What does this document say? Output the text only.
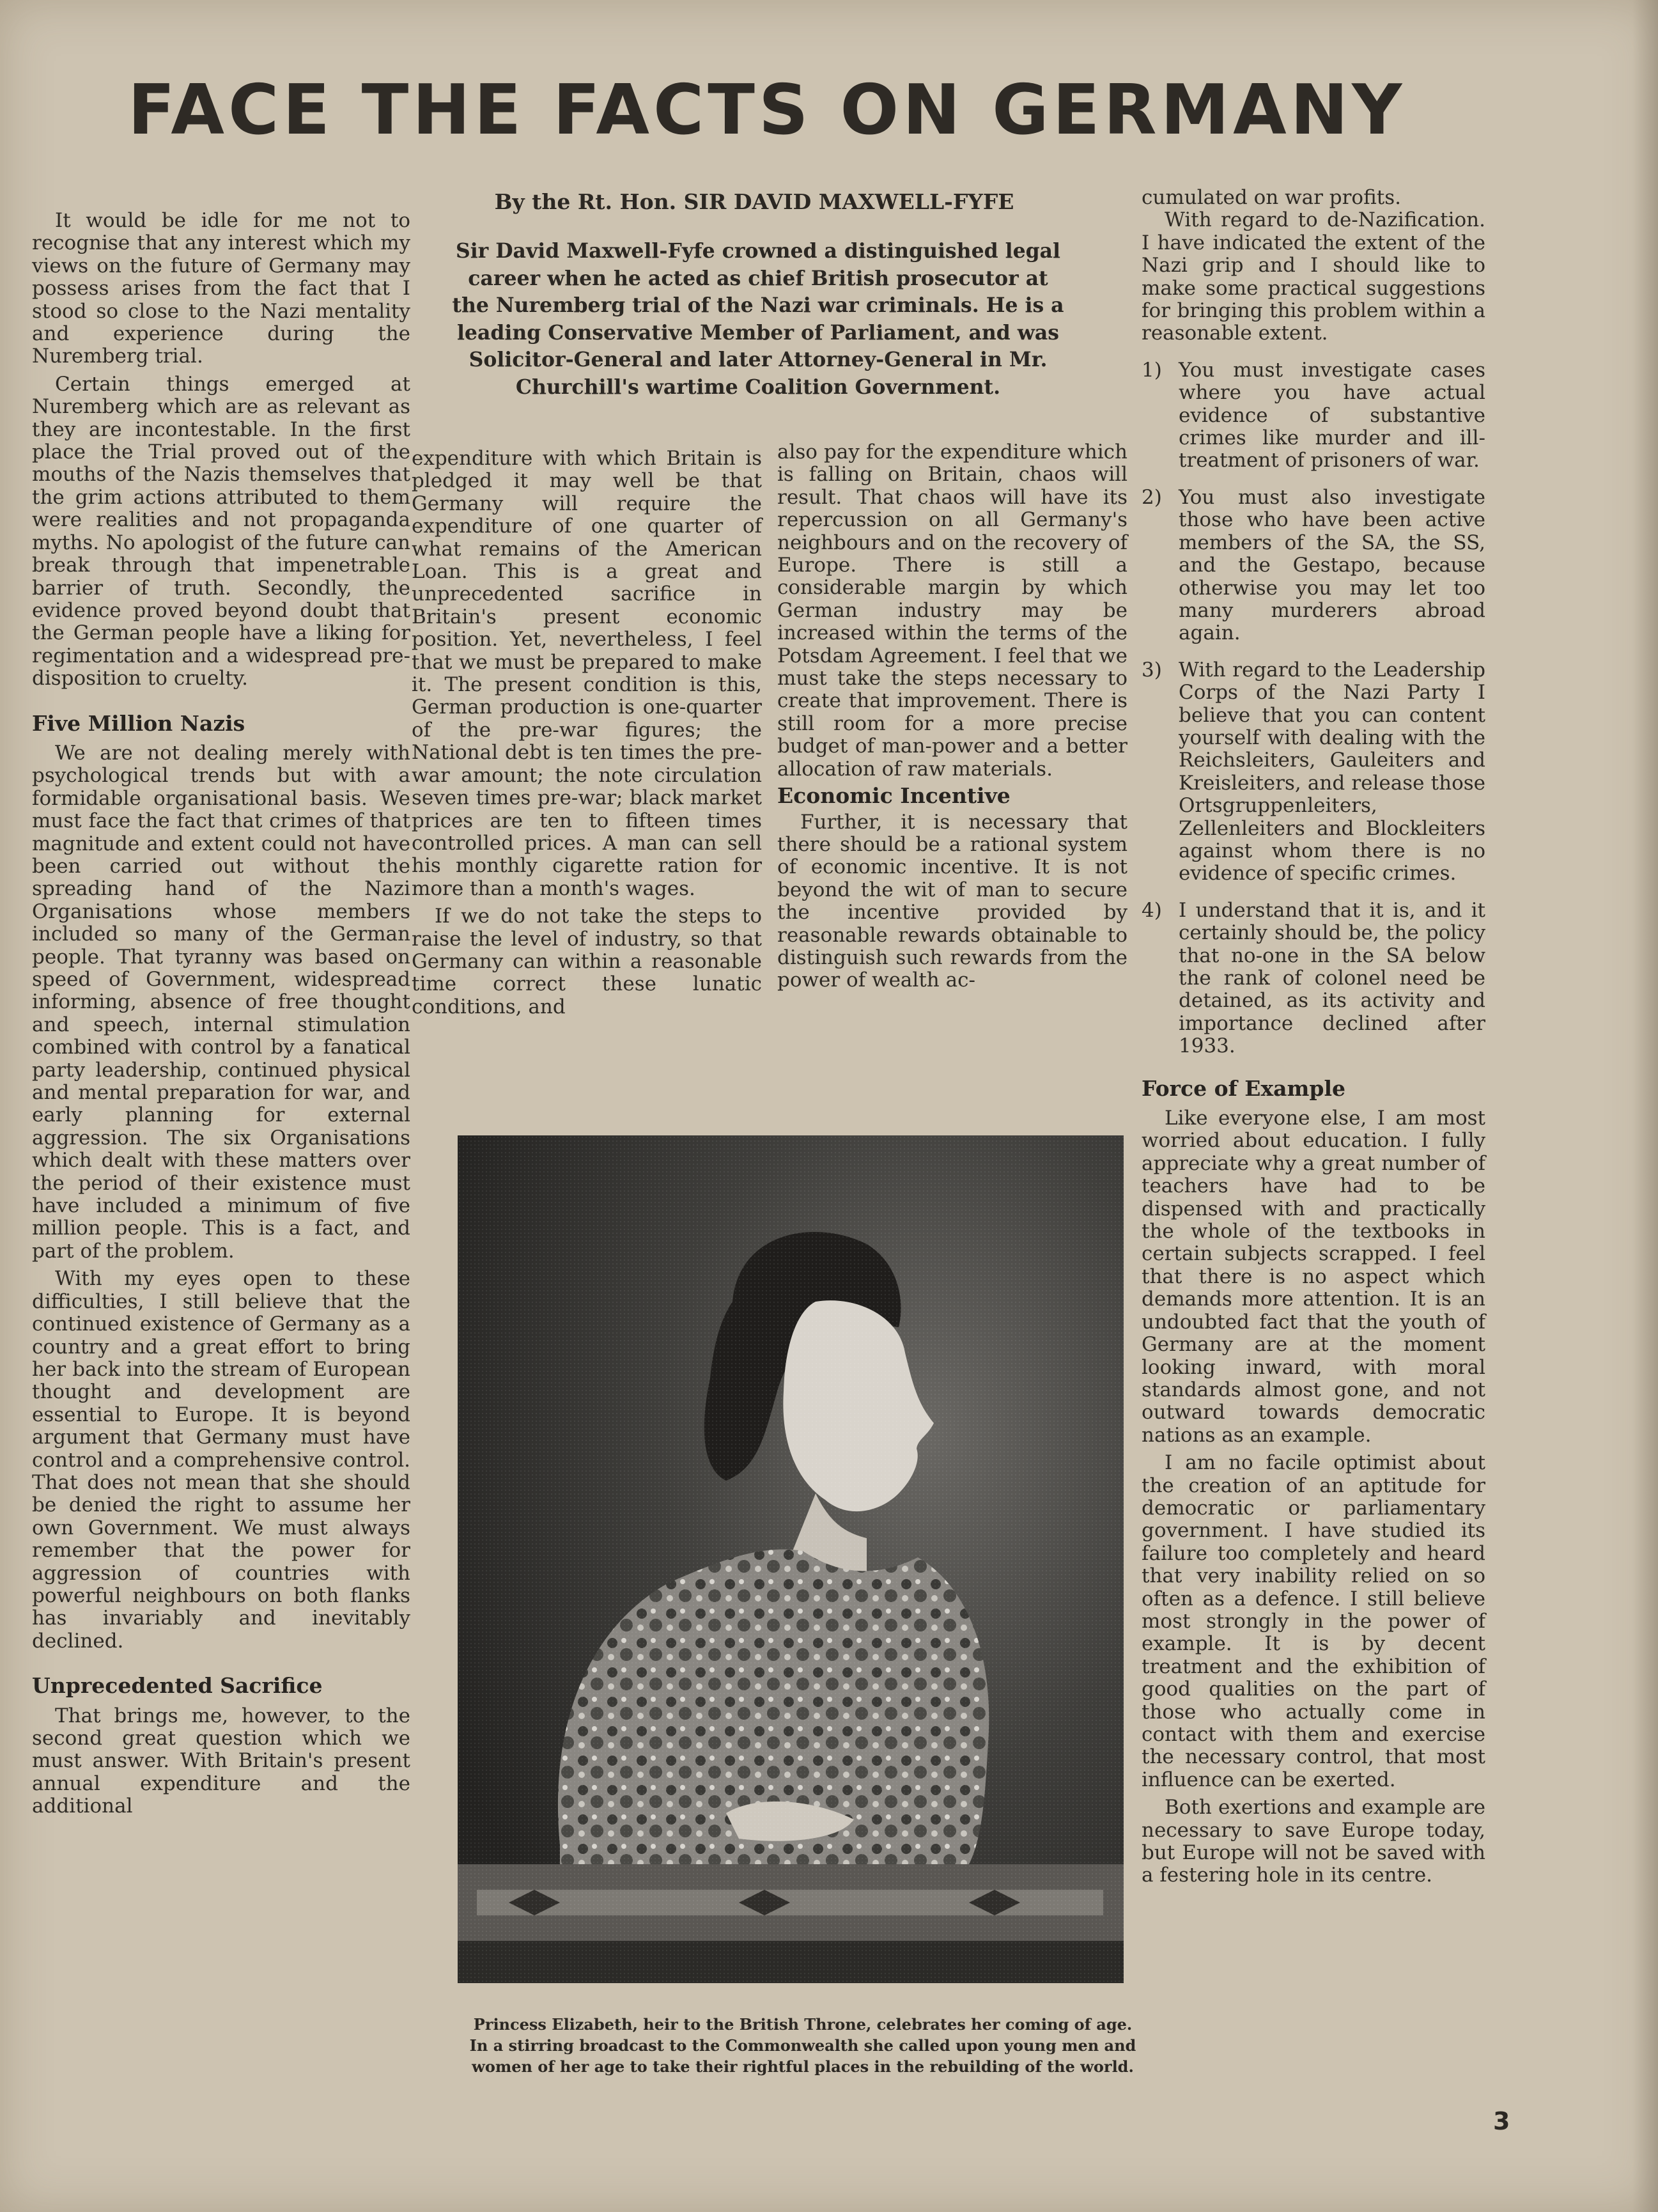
FACE THE FACTS ON GERMANY
By the Rt. Hon. SIR DAVID MAXWELL-FYFE
Sir David Maxwell-Fyfe crowned a distinguished legal career when he acted as chief British prosecutor at the Nuremberg trial of the Nazi war criminals. He is a leading Conservative Member of Parliament, and was Solicitor-General and later Attorney-General in Mr. Churchill's wartime Coalition Government.

It would be idle for me not to recognise that any interest which my views on the future of Germany may possess arises from the fact that I stood so close to the Nazi mentality and experience during the Nuremberg trial.

Certain things emerged at Nuremberg which are as relevant as they are incontestable. In the first place the Trial proved out of the mouths of the Nazis themselves that the grim actions attributed to them were realities and not propaganda myths. No apologist of the future can break through that impenetrable barrier of truth. Secondly, the evidence proved beyond doubt that the German people have a liking for regimentation and a widespread pre-disposition to cruelty.

Five Million Nazis

We are not dealing merely with psychological trends but with a formidable organisational basis. We must face the fact that crimes of that magnitude and extent could not have been carried out without the spreading hand of the Nazi Organisations whose members included so many of the German people. That tyranny was based on speed of Government, widespread informing, absence of free thought and speech, internal stimulation combined with control by a fanatical party leadership, continued physical and mental preparation for war, and early planning for external aggression. The six Organisations which dealt with these matters over the period of their existence must have included a minimum of five million people. This is a fact, and part of the problem.

With my eyes open to these difficulties, I still believe that the continued existence of Germany as a country and a great effort to bring her back into the stream of European thought and development are essential to Europe. It is beyond argument that Germany must have control and a comprehensive control. That does not mean that she should be denied the right to assume her own Government. We must always remember that the power for aggression of countries with powerful neighbours on both flanks has invariably and inevitably declined.

Unprecedented Sacrifice

That brings me, however, to the second great question which we must answer. With Britain's present annual expenditure and the additional

expenditure with which Britain is pledged it may well be that Germany will require the expenditure of one quarter of what remains of the American Loan. This is a great and unprecedented sacrifice in Britain's present economic position. Yet, nevertheless, I feel that we must be prepared to make it. The present condition is this, German production is one-quarter of the pre-war figures; the National debt is ten times the pre-war amount; the note circulation seven times pre-war; black market prices are ten to fifteen times controlled prices. A man can sell his monthly cigarette ration for more than a month's wages.

If we do not take the steps to raise the level of industry, so that Germany can within a reasonable time correct these lunatic conditions, and

also pay for the expenditure which is falling on Britain, chaos will result. That chaos will have its repercussion on all Germany's neighbours and on the recovery of Europe. There is still a considerable margin by which German industry may be increased within the terms of the Potsdam Agreement. I feel that we must take the steps necessary to create that improvement. There is still room for a more precise budget of man-power and a better allocation of raw materials.

Economic Incentive

Further, it is necessary that there should be a rational system of economic incentive. It is not beyond the wit of man to secure the incentive provided by reasonable rewards obtainable to distinguish such rewards from the power of wealth ac-

cumulated on war profits.

With regard to de-Nazification. I have indicated the extent of the Nazi grip and I should like to make some practical suggestions for bringing this problem within a reasonable extent.

1) You must investigate cases where you have actual evidence of substantive crimes like murder and ill-treatment of prisoners of war.
2) You must also investigate those who have been active members of the SA, the SS, and the Gestapo, because otherwise you may let too many murderers abroad again.
3) With regard to the Leadership Corps of the Nazi Party I believe that you can content yourself with dealing with the Reichsleiters, Gauleiters and Kreisleiters, and release those Ortsgruppenleiters, Zellenleiters and Blockleiters against whom there is no evidence of specific crimes.
4) I understand that it is, and it certainly should be, the policy that no-one in the SA below the rank of colonel need be detained, as its activity and importance declined after 1933.
Force of Example

Like everyone else, I am most worried about education. I fully appreciate why a great number of teachers have had to be dispensed with and practically the whole of the textbooks in certain subjects scrapped. I feel that there is no aspect which demands more attention. It is an undoubted fact that the youth of Germany are at the moment looking inward, with moral standards almost gone, and not outward towards democratic nations as an example.

I am no facile optimist about the creation of an aptitude for democratic or parliamentary government. I have studied its failure too completely and heard that very inability relied on so often as a defence. I still believe most strongly in the power of example. It is by decent treatment and the exhibition of good qualities on the part of those who actually come in contact with them and exercise the necessary control, that most influence can be exerted.

Both exertions and example are necessary to save Europe today, but Europe will not be saved with a festering hole in its centre.

Princess Elizabeth, heir to the British Throne, celebrates her coming of age. In a stirring broadcast to the Commonwealth she called upon young men and women of her age to take their rightful places in the rebuilding of the world.
3
